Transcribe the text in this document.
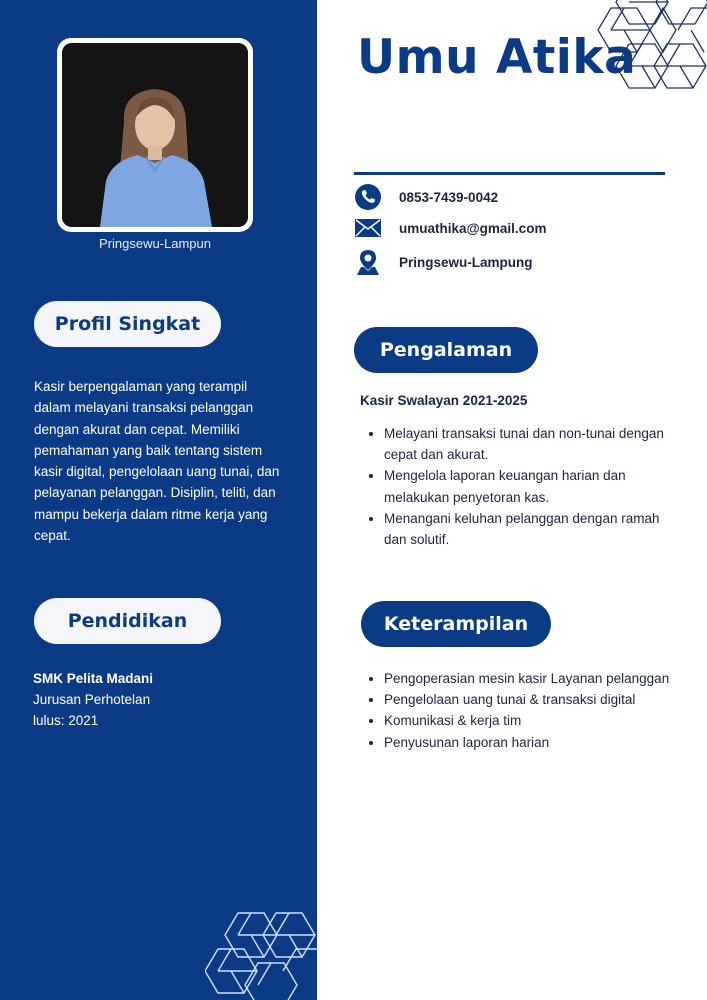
Pringsewu-Lampun
Profil Singkat
Kasir berpengalaman yang terampil dalam melayani transaksi pelanggan dengan akurat dan cepat. Memiliki pemahaman yang baik tentang sistem kasir digital, pengelolaan uang tunai, dan pelayanan pelanggan. Disiplin, teliti, dan mampu bekerja dalam ritme kerja yang cepat.
Pendidikan
SMK Pelita Madani
Jurusan Perhotelan
lulus: 2021
Umu Atika
0853-7439-0042
umuathika@gmail.com
Pringsewu-Lampung
Pengalaman
Kasir Swalayan 2021-2025
• Melayani transaksi tunai dan non-tunai dengan cepat dan akurat.
• Mengelola laporan keuangan harian dan melakukan penyetoran kas.
• Menangani keluhan pelanggan dengan ramah dan solutif.
Keterampilan
• Pengoperasian mesin kasir Layanan pelanggan
• Pengelolaan uang tunai & transaksi digital
• Komunikasi & kerja tim
• Penyusunan laporan harian
